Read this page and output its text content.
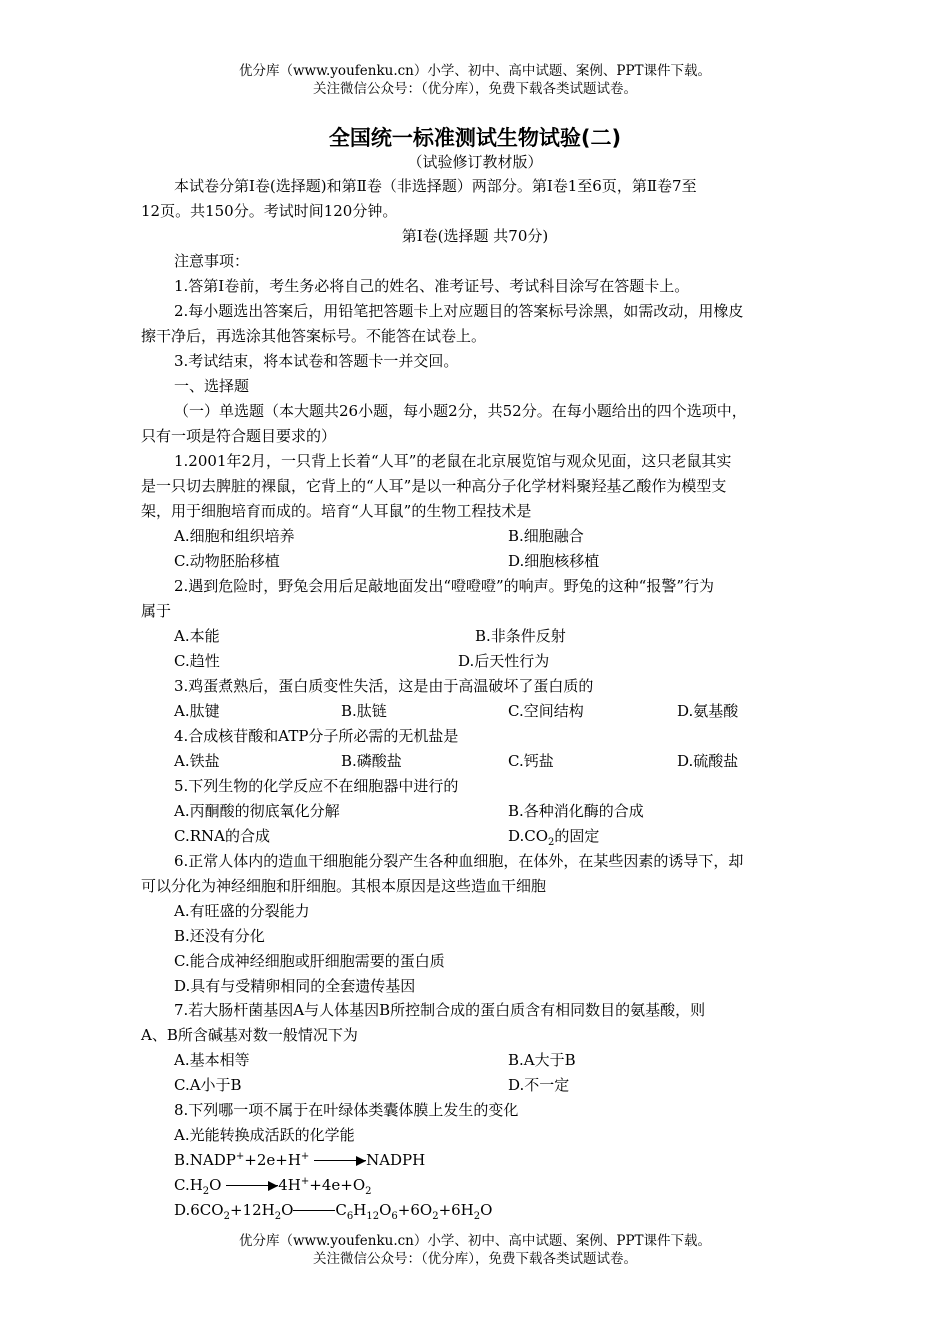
优分库（www.youfenku.cn）小学、初中、高中试题、案例、PPT课件下载。
关注微信公众号：（优分库），免费下载各类试题试卷。
全国统一标准测试生物试验(二)
（试验修订教材版）
本试卷分第Ⅰ卷(选择题)和第Ⅱ卷（非选择题）两部分。第Ⅰ卷1至6页，第Ⅱ卷7至
12页。共150分。考试时间120分钟。
第Ⅰ卷(选择题 共70分)
注意事项：
1.答第Ⅰ卷前，考生务必将自己的姓名、准考证号、考试科目涂写在答题卡上。
2.每小题选出答案后，用铅笔把答题卡上对应题目的答案标号涂黑，如需改动，用橡皮
擦干净后，再选涂其他答案标号。不能答在试卷上。
3.考试结束，将本试卷和答题卡一并交回。
一、选择题
（一）单选题（本大题共26小题，每小题2分，共52分。在每小题给出的四个选项中，
只有一项是符合题目要求的）
1.2001年2月，一只背上长着“人耳”的老鼠在北京展览馆与观众见面，这只老鼠其实
是一只切去脾脏的裸鼠，它背上的“人耳”是以一种高分子化学材料聚羟基乙酸作为模型支
架，用于细胞培育而成的。培育“人耳鼠”的生物工程技术是
A.细胞和组织培养	B.细胞融合
C.动物胚胎移植	D.细胞核移植
2.遇到危险时，野兔会用后足敲地面发出“噔噔噔”的响声。野兔的这种“报警”行为
属于
A.本能	B.非条件反射
C.趋性	D.后天性行为
3.鸡蛋煮熟后，蛋白质变性失活，这是由于高温破坏了蛋白质的
A.肽键	B.肽链	C.空间结构	D.氨基酸
4.合成核苷酸和ATP分子所必需的无机盐是
A.铁盐	B.磷酸盐	C.钙盐	D.硫酸盐
5.下列生物的化学反应不在细胞器中进行的
A.丙酮酸的彻底氧化分解	B.各种消化酶的合成
C.RNA的合成	$D.CO_2$的固定
6.正常人体内的造血干细胞能分裂产生各种血细胞，在体外，在某些因素的诱导下，却
可以分化为神经细胞和肝细胞。其根本原因是这些造血干细胞
A.有旺盛的分裂能力
B.还没有分化
C.能合成神经细胞或肝细胞需要的蛋白质
D.具有与受精卵相同的全套遗传基因
7.若大肠杆菌基因A与人体基因B所控制合成的蛋白质含有相同数目的氨基酸，则
A、B所含碱基对数一般情况下为
A.基本相等	B.A大于B
C.A小于B	D.不一定
8.下列哪一项不属于在叶绿体类囊体膜上发生的变化
A.光能转换成活跃的化学能
B.NADP++2e+H+	NADPH
$C.H_2O$	$4H^++4e+O_2$
$D.6CO_2+12H_2O$	$C_6H_{12}O_6+6O_2+6H_2O$
优分库（www.youfenku.cn）小学、初中、高中试题、案例、PPT课件下载。
关注微信公众号：（优分库），免费下载各类试题试卷。
